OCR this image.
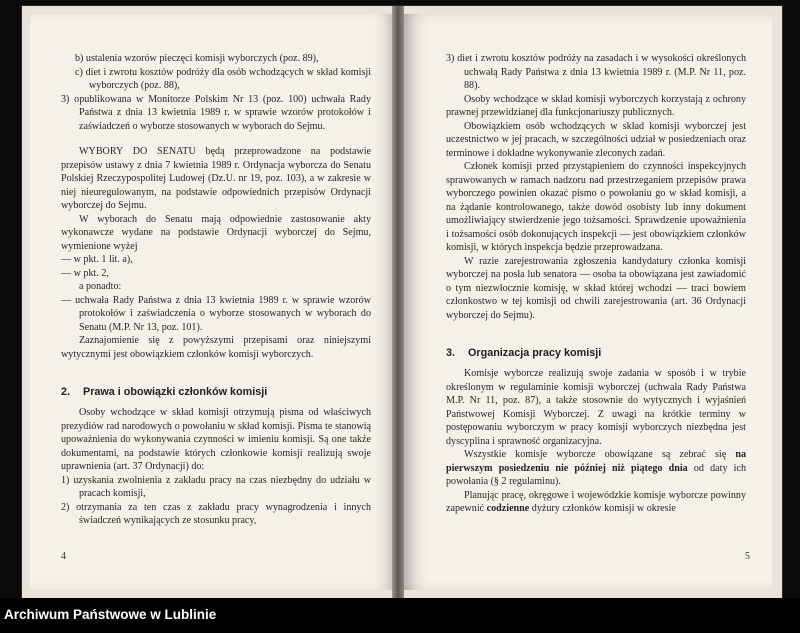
b) ustalenia wzorów pieczęci komisji wyborczych (poz. 89),

c) diet i zwrotu kosztów podróży dla osób wchodzących w skład komisji wyborczych (poz. 88),

3) opublikowana w Monitorze Polskim Nr 13 (poz. 100) uchwała Rady Państwa z dnia 13 kwietnia 1989 r. w sprawie wzorów protokołów i zaświadczeń o wyborze stosowanych w wyborach do Sejmu.

WYBORY DO SENATU będą przeprowadzone na podstawie przepisów ustawy z dnia 7 kwietnia 1989 r. Ordynacja wyborcza do Senatu Polskiej Rzeczypospolitej Ludowej (Dz.U. nr 19, poz. 103), a w zakresie w niej nieuregulowanym, na podstawie odpowiednich przepisów Ordynacji wyborczej do Sejmu.

W wyborach do Senatu mają odpowiednie zastosowanie akty wykonawcze wydane na podstawie Ordynacji wyborczej do Sejmu, wymienione wyżej

— w pkt. 1 lit. a),

— w pkt. 2,

a ponadto:

— uchwała Rady Państwa z dnia 13 kwietnia 1989 r. w sprawie wzorów protokołów i zaświadczenia o wyborze stosowanych w wyborach do Senatu (M.P. Nr 13, poz. 101).

Zaznajomienie się z powyższymi przepisami oraz niniejszymi wytycznymi jest obowiązkiem członków komisji wyborczych.

2. Prawa i obowiązki członków komisji

Osoby wchodzące w skład komisji otrzymują pisma od właściwych prezydiów rad narodowych o powołaniu w skład komisji. Pisma te stanowią upoważnienia do wykonywania czynności w imieniu komisji. Są one także dokumentami, na podstawie których członkowie komisji realizują swoje uprawnienia (art. 37 Ordynacji) do:

1) uzyskania zwolnienia z zakładu pracy na czas niezbędny do udziału w pracach komisji,

2) otrzymania za ten czas z zakładu pracy wynagrodzenia i innych świadczeń wynikających ze stosunku pracy,

4

3) diet i zwrotu kosztów podróży na zasadach i w wysokości określonych uchwałą Rady Państwa z dnia 13 kwietnia 1989 r. (M.P. Nr 11, poz. 88).

Osoby wchodzące w skład komisji wyborczych korzystają z ochrony prawnej przewidzianej dla funkcjonariuszy publicznych.

Obowiązkiem osób wchodzących w skład komisji wyborczej jest uczestnictwo w jej pracach, w szczególności udział w posiedzeniach oraz terminowe i dokładne wykonywanie zleconych zadań.

Członek komisji przed przystąpieniem do czynności inspekcyjnych sprawowanych w ramach nadzoru nad przestrzeganiem przepisów prawa wyborczego powinien okazać pismo o powołaniu go w skład komisji, a na żądanie kontrolowanego, także dowód osobisty lub inny dokument umożliwiający stwierdzenie jego tożsamości. Sprawdzenie upoważnienia i tożsamości osób dokonujących inspekcji — jest obowiązkiem członków komisji, w których inspekcja będzie przeprowadzana.

W razie zarejestrowania zgłoszenia kandydatury członka komisji wyborczej na posła lub senatora — osoba ta obowiązana jest zawiadomić o tym niezwłocznie komisję, w skład której wchodzi — traci bowiem członkostwo w tej komisji od chwili zarejestrowania (art. 36 Ordynacji wyborczej do Sejmu).

3. Organizacja pracy komisji

Komisje wyborcze realizują swoje zadania w sposób i w trybie określonym w regulaminie komisji wyborczej (uchwała Rady Państwa M.P. Nr 11, poz. 87), a także stosownie do wytycznych i wyjaśnień Państwowej Komisji Wyborczej. Z uwagi na krótkie terminy w postępowaniu wyborczym w pracy komisji wyborczych niezbędna jest dyscyplina i sprawność organizacyjna.

Wszystkie komisje wyborcze obowiązane są zebrać się na pierwszym posiedzeniu nie później niż piątego dnia od daty ich powołania (§ 2 regulaminu).

Planując pracę, okręgowe i wojewódzkie komisje wyborcze powinny zapewnić codzienne dyżury członków komisji w okresie

5
Archiwum Państwowe w Lublinie
